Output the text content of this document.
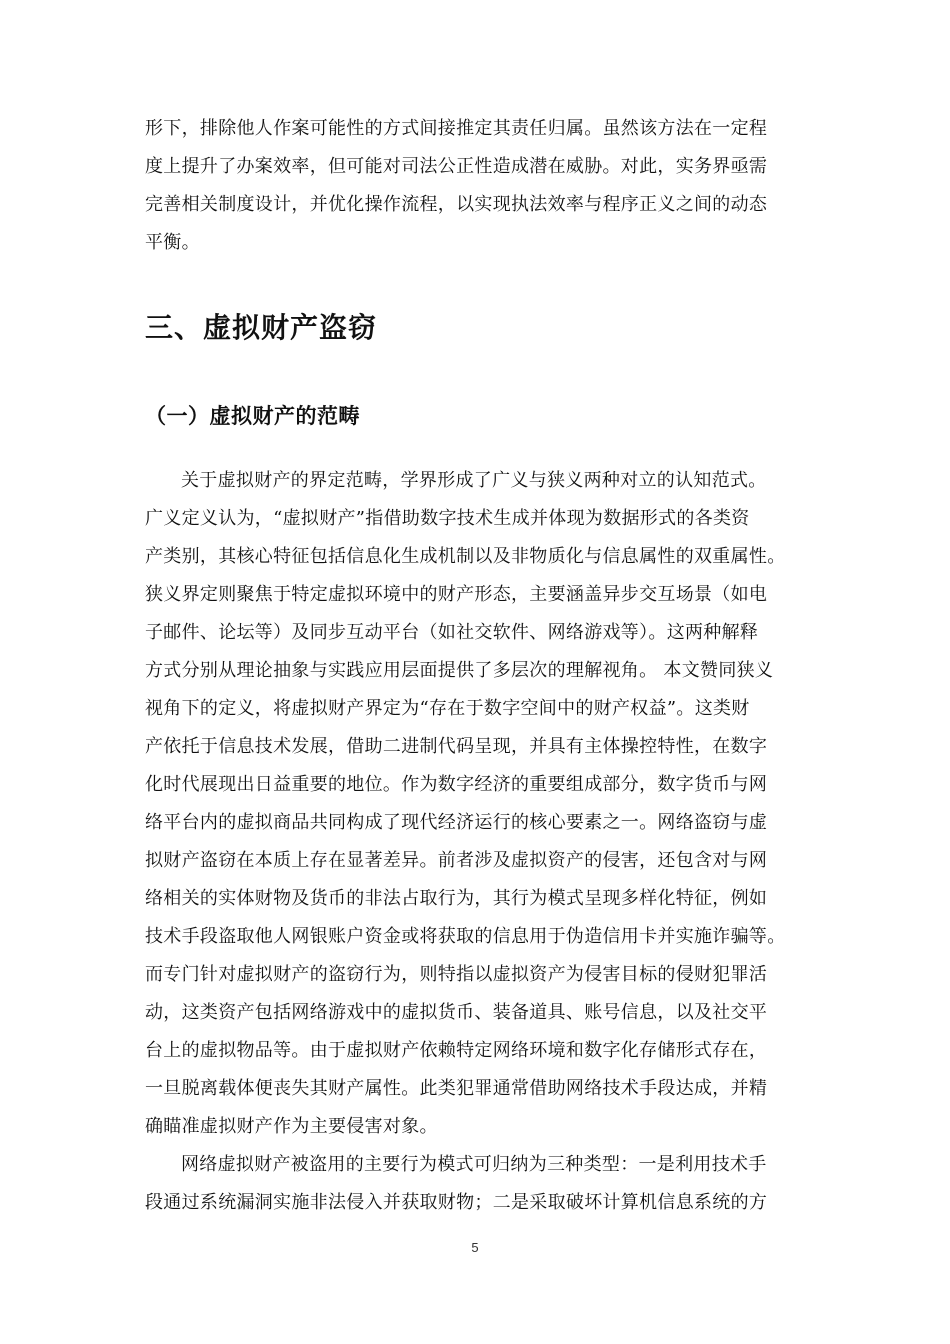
形下，排除他人作案可能性的方式间接推定其责任归属。虽然该方法在一定程
度上提升了办案效率，但可能对司法公正性造成潜在威胁。对此，实务界亟需
完善相关制度设计，并优化操作流程，以实现执法效率与程序正义之间的动态
平衡。

三、虚拟财产盗窃
（一）虚拟财产的范畴

关于虚拟财产的界定范畴，学界形成了广义与狭义两种对立的认知范式。
广义定义认为，“虚拟财产”指借助数字技术生成并体现为数据形式的各类资
产类别，其核心特征包括信息化生成机制以及非物质化与信息属性的双重属性。
狭义界定则聚焦于特定虚拟环境中的财产形态，主要涵盖异步交互场景（如电
子邮件、论坛等）及同步互动平台（如社交软件、网络游戏等）。这两种解释
方式分别从理论抽象与实践应用层面提供了多层次的理解视角。 本文赞同狭义
视角下的定义，将虚拟财产界定为“存在于数字空间中的财产权益”。这类财
产依托于信息技术发展，借助二进制代码呈现，并具有主体操控特性，在数字
化时代展现出日益重要的地位。作为数字经济的重要组成部分，数字货币与网
络平台内的虚拟商品共同构成了现代经济运行的核心要素之一。网络盗窃与虚
拟财产盗窃在本质上存在显著差异。前者涉及虚拟资产的侵害，还包含对与网
络相关的实体财物及货币的非法占取行为，其行为模式呈现多样化特征，例如
技术手段盗取他人网银账户资金或将获取的信息用于伪造信用卡并实施诈骗等。
而专门针对虚拟财产的盗窃行为，则特指以虚拟资产为侵害目标的侵财犯罪活
动，这类资产包括网络游戏中的虚拟货币、装备道具、账号信息，以及社交平
台上的虚拟物品等。由于虚拟财产依赖特定网络环境和数字化存储形式存在，
一旦脱离载体便丧失其财产属性。此类犯罪通常借助网络技术手段达成，并精
确瞄准虚拟财产作为主要侵害对象。

网络虚拟财产被盗用的主要行为模式可归纳为三种类型：一是利用技术手
段通过系统漏洞实施非法侵入并获取财物；二是采取破坏计算机信息系统的方

5
